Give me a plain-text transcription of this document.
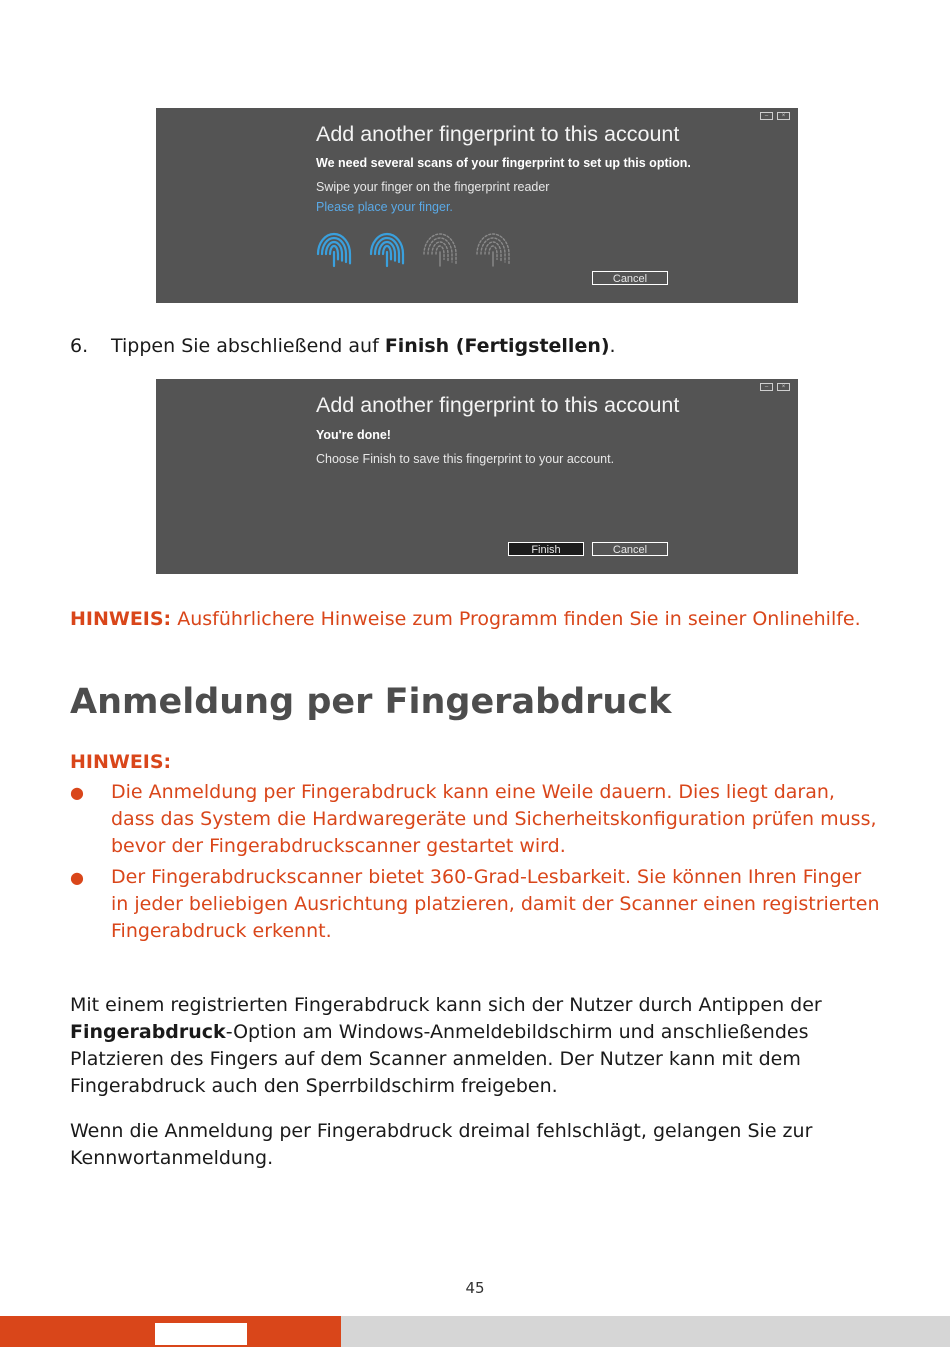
–	×
Add another fingerprint to this account
We need several scans of your fingerprint to set up this option.
Swipe your finger on the fingerprint reader
Please place your finger.
Cancel
6. Tippen Sie abschließend auf Finish (Fertigstellen).
–	×
Add another fingerprint to this account
You're done!
Choose Finish to save this fingerprint to your account.
Finish	Cancel
HINWEIS: Ausführlichere Hinweise zum Programm finden Sie in seiner Onlinehilfe.
Anmeldung per Fingerabdruck
HINWEIS:
● Die Anmeldung per Fingerabdruck kann eine Weile dauern. Dies liegt daran, dass das System die Hardwaregeräte und Sicherheitskonfiguration prüfen muss, bevor der Fingerabdruckscanner gestartet wird.
● Der Fingerabdruckscanner bietet 360-Grad-Lesbarkeit. Sie können Ihren Finger in jeder beliebigen Ausrichtung platzieren, damit der Scanner einen registrierten Fingerabdruck erkennt.
Mit einem registrierten Fingerabdruck kann sich der Nutzer durch Antippen der Fingerabdruck-Option am Windows-Anmeldebildschirm und anschließendes Platzieren des Fingers auf dem Scanner anmelden. Der Nutzer kann mit dem Fingerabdruck auch den Sperrbildschirm freigeben.
Wenn die Anmeldung per Fingerabdruck dreimal fehlschlägt, gelangen Sie zur Kennwortanmeldung.
45
